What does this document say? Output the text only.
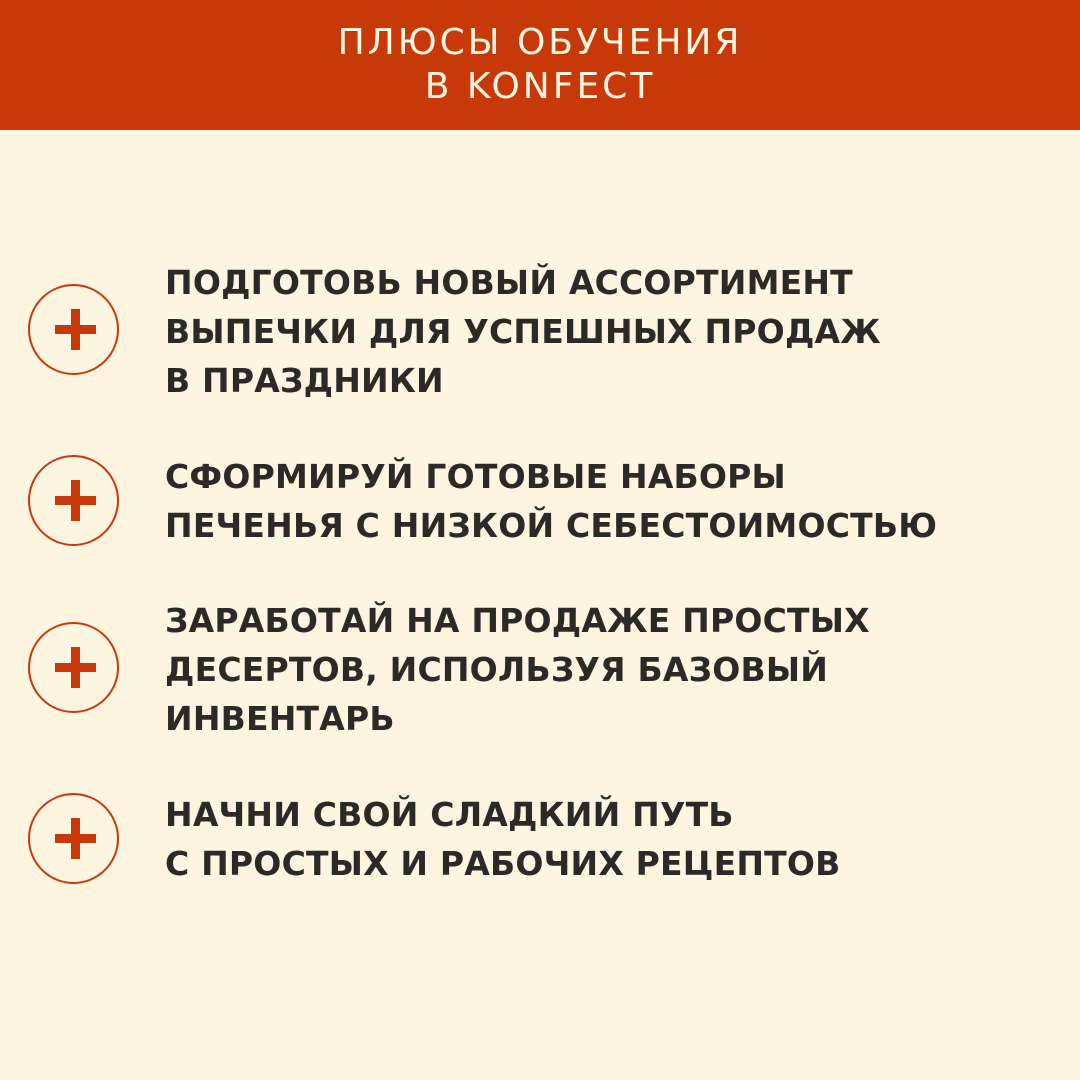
ПЛЮСЫ ОБУЧЕНИЯ
В KONFECT
ПОДГОТОВЬ НОВЫЙ АССОРТИМЕНТ
ВЫПЕЧКИ ДЛЯ УСПЕШНЫХ ПРОДАЖ
В ПРАЗДНИКИ
СФОРМИРУЙ ГОТОВЫЕ НАБОРЫ
ПЕЧЕНЬЯ С НИЗКОЙ СЕБЕСТОИМОСТЬЮ
ЗАРАБОТАЙ НА ПРОДАЖЕ ПРОСТЫХ
ДЕСЕРТОВ, ИСПОЛЬЗУЯ БАЗОВЫЙ
ИНВЕНТАРЬ
НАЧНИ СВОЙ СЛАДКИЙ ПУТЬ
С ПРОСТЫХ И РАБОЧИХ РЕЦЕПТОВ
